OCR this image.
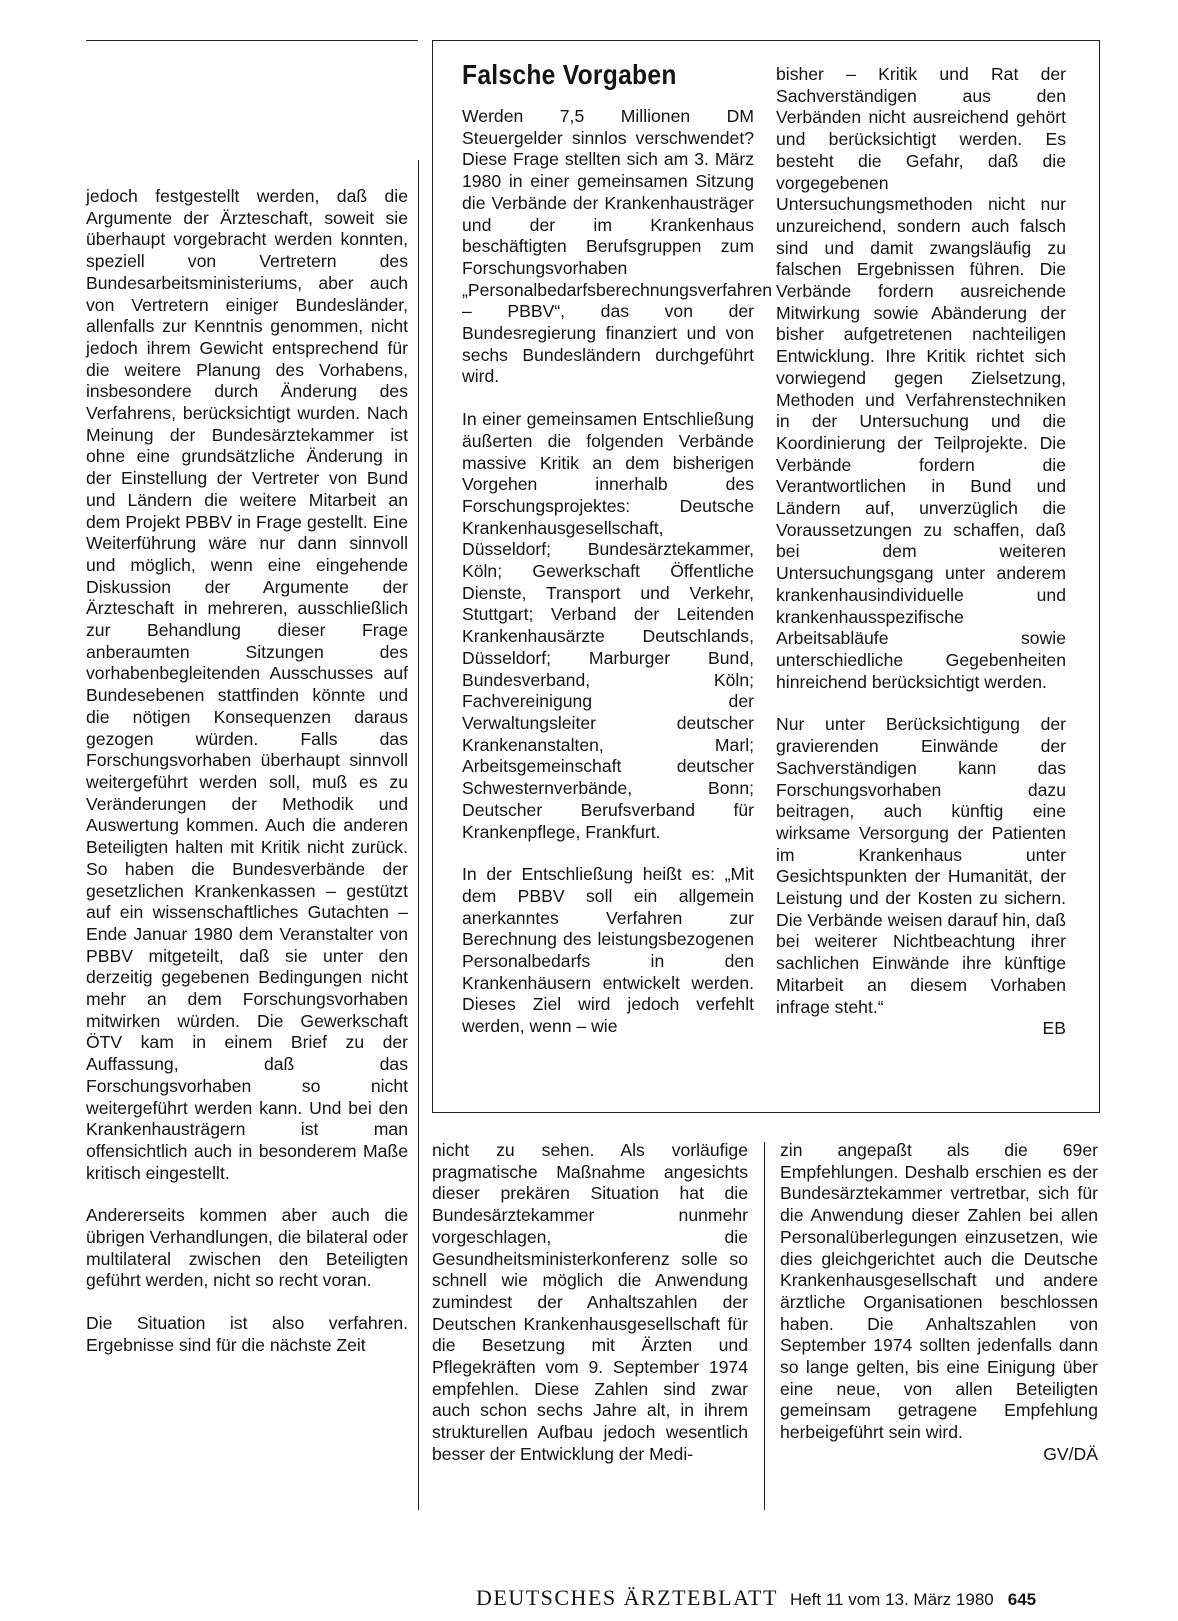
jedoch festgestellt werden, daß die Argumente der Ärzteschaft, soweit sie überhaupt vorgebracht werden konnten, speziell von Vertretern des Bundesarbeitsministeriums, aber auch von Vertretern einiger Bundesländer, allenfalls zur Kenntnis genommen, nicht jedoch ihrem Gewicht entsprechend für die weitere Planung des Vorhabens, insbesondere durch Änderung des Verfahrens, berücksichtigt wurden. Nach Meinung der Bundesärztekammer ist ohne eine grundsätzliche Änderung in der Einstellung der Vertreter von Bund und Ländern die weitere Mitarbeit an dem Projekt PBBV in Frage gestellt. Eine Weiterführung wäre nur dann sinnvoll und möglich, wenn eine eingehende Diskussion der Argumente der Ärzteschaft in mehreren, ausschließlich zur Behandlung dieser Frage anberaumten Sitzungen des vorhabenbegleitenden Ausschusses auf Bundesebenen stattfinden könnte und die nötigen Konsequenzen daraus gezogen würden. Falls das Forschungsvorhaben überhaupt sinnvoll weitergeführt werden soll, muß es zu Veränderungen der Methodik und Auswertung kommen. Auch die anderen Beteiligten halten mit Kritik nicht zurück. So haben die Bundesverbände der gesetzlichen Krankenkassen – gestützt auf ein wissenschaftliches Gutachten – Ende Januar 1980 dem Veranstalter von PBBV mitgeteilt, daß sie unter den derzeitig gegebenen Bedingungen nicht mehr an dem Forschungsvorhaben mitwirken würden. Die Gewerkschaft ÖTV kam in einem Brief zu der Auffassung, daß das Forschungsvorhaben so nicht weitergeführt werden kann. Und bei den Krankenhausträgern ist man offensichtlich auch in besonderem Maße kritisch eingestellt.

Andererseits kommen aber auch die übrigen Verhandlungen, die bilateral oder multilateral zwischen den Beteiligten geführt werden, nicht so recht voran.

Die Situation ist also verfahren. Ergebnisse sind für die nächste Zeit

Falsche Vorgaben

Werden 7,5 Millionen DM Steuergelder sinnlos verschwendet? Diese Frage stellten sich am 3. März 1980 in einer gemeinsamen Sitzung die Verbände der Krankenhausträger und der im Krankenhaus beschäftigten Berufsgruppen zum Forschungsvorhaben „Personalbedarfsberechnungsverfahren – PBBV“, das von der Bundesregierung finanziert und von sechs Bundesländern durchgeführt wird.

In einer gemeinsamen Entschließung äußerten die folgenden Verbände massive Kritik an dem bisherigen Vorgehen innerhalb des Forschungsprojektes: Deutsche Krankenhausgesellschaft, Düsseldorf; Bundesärztekammer, Köln; Gewerkschaft Öffentliche Dienste, Transport und Verkehr, Stuttgart; Verband der Leitenden Krankenhausärzte Deutschlands, Düsseldorf; Marburger Bund, Bundesverband, Köln; Fachvereinigung der Verwaltungsleiter deutscher Krankenanstalten, Marl; Arbeitsgemeinschaft deutscher Schwesternverbände, Bonn; Deutscher Berufsverband für Krankenpflege, Frankfurt.

In der Entschließung heißt es: „Mit dem PBBV soll ein allgemein anerkanntes Verfahren zur Berechnung des leistungsbezogenen Personalbedarfs in den Krankenhäusern entwickelt werden. Dieses Ziel wird jedoch verfehlt werden, wenn – wie

bisher – Kritik und Rat der Sachverständigen aus den Verbänden nicht ausreichend gehört und berücksichtigt werden. Es besteht die Gefahr, daß die vorgegebenen Untersuchungsmethoden nicht nur unzureichend, sondern auch falsch sind und damit zwangsläufig zu falschen Ergebnissen führen. Die Verbände fordern ausreichende Mitwirkung sowie Abänderung der bisher aufgetretenen nachteiligen Entwicklung. Ihre Kritik richtet sich vorwiegend gegen Zielsetzung, Methoden und Verfahrenstechniken in der Untersuchung und die Koordinierung der Teilprojekte. Die Verbände fordern die Verantwortlichen in Bund und Ländern auf, unverzüglich die Voraussetzungen zu schaffen, daß bei dem weiteren Untersuchungsgang unter anderem krankenhausindividuelle und krankenhausspezifische Arbeitsabläufe sowie unterschiedliche Gegebenheiten hinreichend berücksichtigt werden.

Nur unter Berücksichtigung der gravierenden Einwände der Sachverständigen kann das Forschungsvorhaben dazu beitragen, auch künftig eine wirksame Versorgung der Patienten im Krankenhaus unter Gesichtspunkten der Humanität, der Leistung und der Kosten zu sichern. Die Verbände weisen darauf hin, daß bei weiterer Nichtbeachtung ihrer sachlichen Einwände ihre künftige Mitarbeit an diesem Vorhaben infrage steht.“
EB

nicht zu sehen. Als vorläufige pragmatische Maßnahme angesichts dieser prekären Situation hat die Bundesärztekammer nunmehr vorgeschlagen, die Gesundheitsministerkonferenz solle so schnell wie möglich die Anwendung zumindest der Anhaltszahlen der Deutschen Krankenhausgesellschaft für die Besetzung mit Ärzten und Pflegekräften vom 9. September 1974 empfehlen. Diese Zahlen sind zwar auch schon sechs Jahre alt, in ihrem strukturellen Aufbau jedoch wesentlich besser der Entwicklung der Medi-

zin angepaßt als die 69er Empfehlungen. Deshalb erschien es der Bundesärztekammer vertretbar, sich für die Anwendung dieser Zahlen bei allen Personalüberlegungen einzusetzen, wie dies gleichgerichtet auch die Deutsche Krankenhausgesellschaft und andere ärztliche Organisationen beschlossen haben. Die Anhaltszahlen von September 1974 sollten jedenfalls dann so lange gelten, bis eine Einigung über eine neue, von allen Beteiligten gemeinsam getragene Empfehlung herbeigeführt sein wird.
GV/DÄ

DEUTSCHES ÄRZTEBLATT Heft 11 vom 13. März 1980 645
